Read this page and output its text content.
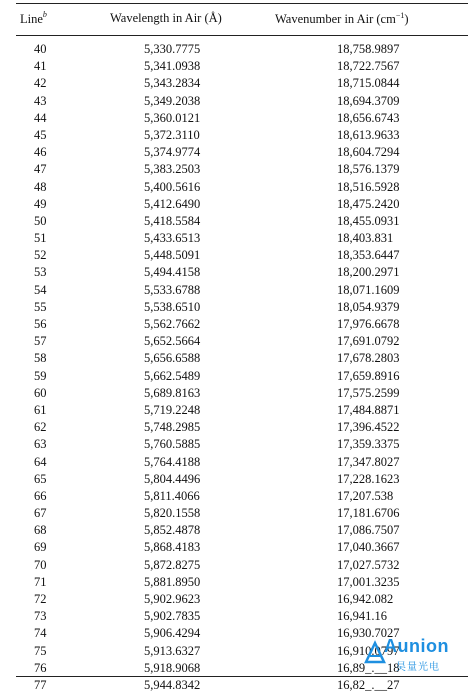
Line$^b$	Wavelength in Air (Å)	Wavenumber in Air $(cm^{-1})$
40	5,330.7775	18,758.9897
41	5,341.0938	18,722.7567
42	5,343.2834	18,715.0844
43	5,349.2038	18,694.3709
44	5,360.0121	18,656.6743
45	5,372.3110	18,613.9633
46	5,374.9774	18,604.7294
47	5,383.2503	18,576.1379
48	5,400.5616	18,516.5928
49	5,412.6490	18,475.2420
50	5,418.5584	18,455.0931
51	5,433.6513	18,403.831
52	5,448.5091	18,353.6447
53	5,494.4158	18,200.2971
54	5,533.6788	18,071.1609
55	5,538.6510	18,054.9379
56	5,562.7662	17,976.6678
57	5,652.5664	17,691.0792
58	5,656.6588	17,678.2803
59	5,662.5489	17,659.8916
60	5,689.8163	17,575.2599
61	5,719.2248	17,484.8871
62	5,748.2985	17,396.4522
63	5,760.5885	17,359.3375
64	5,764.4188	17,347.8027
65	5,804.4496	17,228.1623
66	5,811.4066	17,207.538
67	5,820.1558	17,181.6706
68	5,852.4878	17,086.7507
69	5,868.4183	17,040.3667
70	5,872.8275	17,027.5732
71	5,881.8950	17,001.3235
72	5,902.9623	16,942.082
73	5,902.7835	16,941.16
74	5,906.4294	16,930.7027
75	5,913.6327	16,910.0797
76	5,918.9068	16,89_.__18
77	5,944.8342	16,82_.__27
Aunion
昊量光电
